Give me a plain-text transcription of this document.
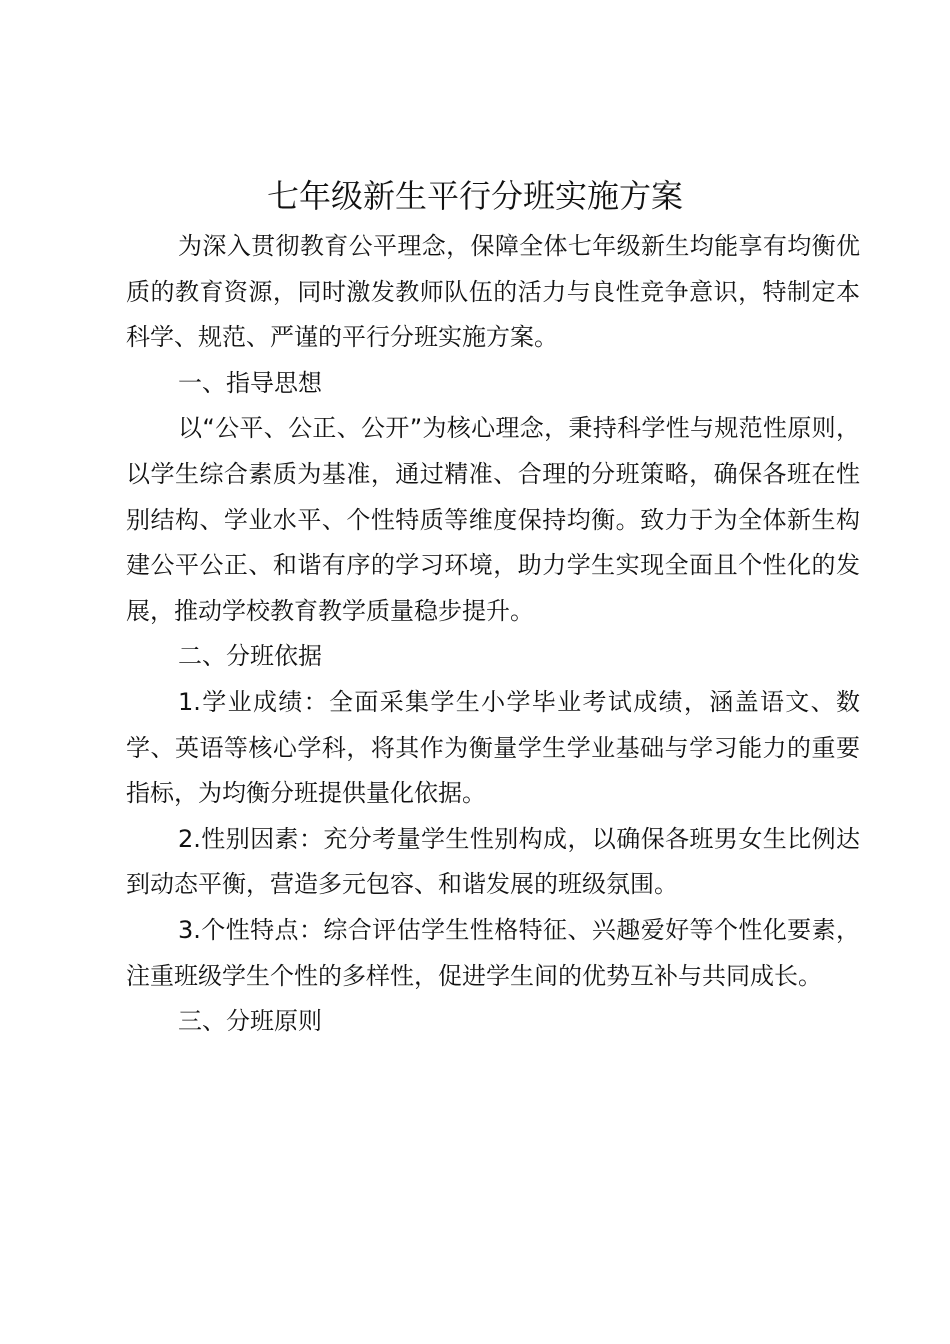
七年级新生平行分班实施方案

为深入贯彻教育公平理念，保障全体七年级新生均能享有均衡优质的教育资源，同时激发教师队伍的活力与良性竞争意识，特制定本科学、规范、严谨的平行分班实施方案。

一、指导思想

以“公平、公正、公开”为核心理念，秉持科学性与规范性原则，以学生综合素质为基准，通过精准、合理的分班策略，确保各班在性别结构、学业水平、个性特质等维度保持均衡。致力于为全体新生构建公平公正、和谐有序的学习环境，助力学生实现全面且个性化的发展，推动学校教育教学质量稳步提升。

二、分班依据

1.学业成绩：全面采集学生小学毕业考试成绩，涵盖语文、数学、英语等核心学科，将其作为衡量学生学业基础与学习能力的重要指标，为均衡分班提供量化依据。

2.性别因素：充分考量学生性别构成，以确保各班男女生比例达到动态平衡，营造多元包容、和谐发展的班级氛围。

3.个性特点：综合评估学生性格特征、兴趣爱好等个性化要素，注重班级学生个性的多样性，促进学生间的优势互补与共同成长。

三、分班原则
